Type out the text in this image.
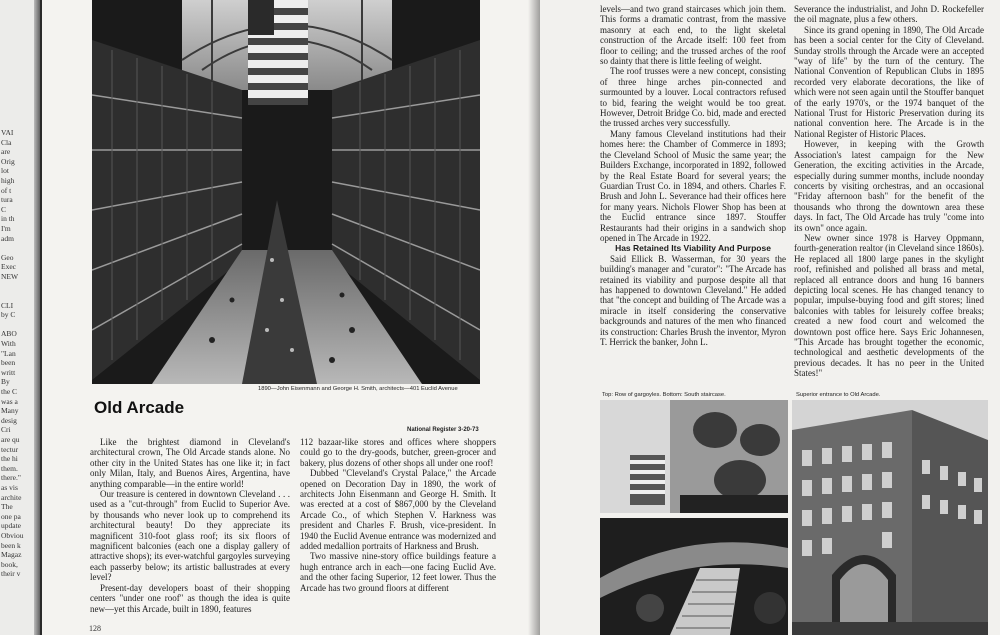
VAI
Cla
are
Orig
lot
high
of t
tura
C
in th
I'm
adm

Geo
Exec
NEW

CLI
by C

ABO
With
"Lan
been
writt
By
the C
was a
Many
desig
Cri
are qu
tectur
the hi
them.
there."
as vis
archite
The
one pa
update
Obviou
been k
Magaz
book,
their v
1890—John Eisenmann and George H. Smith, architects—401 Euclid Avenue
Old Arcade
National Register 3-20-73

Like the brightest diamond in Cleveland's architectural crown, The Old Arcade stands alone. No other city in the United States has one like it; in fact only Milan, Italy, and Buenos Aires, Argentina, have anything comparable—in the entire world!

Our treasure is centered in downtown Cleveland . . . used as a "cut-through" from Euclid to Superior Ave. by thousands who never look up to comprehend its architectural beauty! Do they appreciate its magnificent 310-foot glass roof; its six floors of magnificent balconies (each one a display gallery of attractive shops); its ever-watchful gargoyles surveying each passerby below; its artistic ballustrades at every level?

Present-day developers boast of their shopping centers "under one roof" as though the idea is quite new—yet this Arcade, built in 1890, features

112 bazaar-like stores and offices where shoppers could go to the dry-goods, butcher, green-grocer and bakery, plus dozens of other shops all under one roof!

Dubbed "Cleveland's Crystal Palace," the Arcade opened on Decoration Day in 1890, the work of architects John Eisenmann and George H. Smith. It was erected at a cost of $867,000 by the Cleveland Arcade Co., of which Stephen V. Harkness was president and Charles F. Brush, vice-president. In 1940 the Euclid Avenue entrance was modernized and added medallion portraits of Harkness and Brush.

Two massive nine-story office buildings feature a hugh entrance arch in each—one facing Euclid Ave. and the other facing Superior, 12 feet lower. Thus the Arcade has two ground floors at different

128

levels—and two grand staircases which join them. This forms a dramatic contrast, from the massive masonry at each end, to the light skeletal construction of the Arcade itself: 100 feet from floor to ceiling; and the trussed arches of the roof so dainty that there is little feeling of weight.

The roof trusses were a new concept, consisting of three hinge arches pin-connected and surmounted by a louver. Local contractors refused to bid, fearing the weight would be too great. However, Detroit Bridge Co. bid, made and erected the trussed arches very successfully.

Many famous Cleveland institutions had their homes here: the Chamber of Commerce in 1893; the Cleveland School of Music the same year; the Builders Exchange, incorporated in 1892, followed by the Real Estate Board for several years; the Guardian Trust Co. in 1894, and others. Charles F. Brush and John L. Severance had their offices here for many years. Nichols Flower Shop has been at the Euclid entrance since 1897. Stouffer Restaurants had their origins in a sandwich shop opened in The Arcade in 1922.

Has Retained Its Viability And Purpose

Said Ellick B. Wasserman, for 30 years the building's manager and "curator": "The Arcade has retained its viability and purpose despite all that has happened to downtown Cleveland." He added that "the concept and building of The Arcade was a miracle in itself considering the conservative backgrounds and natures of the men who financed its construction: Charles Brush the inventor, Myron T. Herrick the banker, John L.

Severance the industrialist, and John D. Rockefeller the oil magnate, plus a few others.

Since its grand opening in 1890, The Old Arcade has been a social center for the City of Cleveland. Sunday strolls through the Arcade were an accepted "way of life" by the turn of the century. The National Convention of Republican Clubs in 1895 recorded very elaborate decorations, the like of which were not seen again until the Stouffer banquet of the early 1970's, or the 1974 banquet of the National Trust for Historic Preservation during its national convention here. The Arcade is in the National Register of Historic Places.

However, in keeping with the Growth Association's latest campaign for the New Generation, the exciting activities in the Arcade, especially during summer months, include noonday concerts by visiting orchestras, and an occasional "Friday afternoon bash" for the benefit of the thousands who throng the downtown area these days. In fact, The Old Arcade has truly "come into its own" once again.

New owner since 1978 is Harvey Oppmann, fourth-generation realtor (in Cleveland since 1860s). He replaced all 1800 large panes in the skylight roof, refinished and polished all brass and metal, replaced all entrance doors and hung 16 banners depicting local scenes. He has changed tenancy to popular, impulse-buying food and gift stores; lined balconies with tables for leisurely coffee breaks; created a new food court and welcomed the downtown post office here. Says Eric Johannesen, "This Arcade has brought together the economic, technological and aesthetic developments of the previous decades. It has no peer in the United States!"

Top: Row of gargoyles. Bottom: South staircase.	Superior entrance to Old Arcade.
